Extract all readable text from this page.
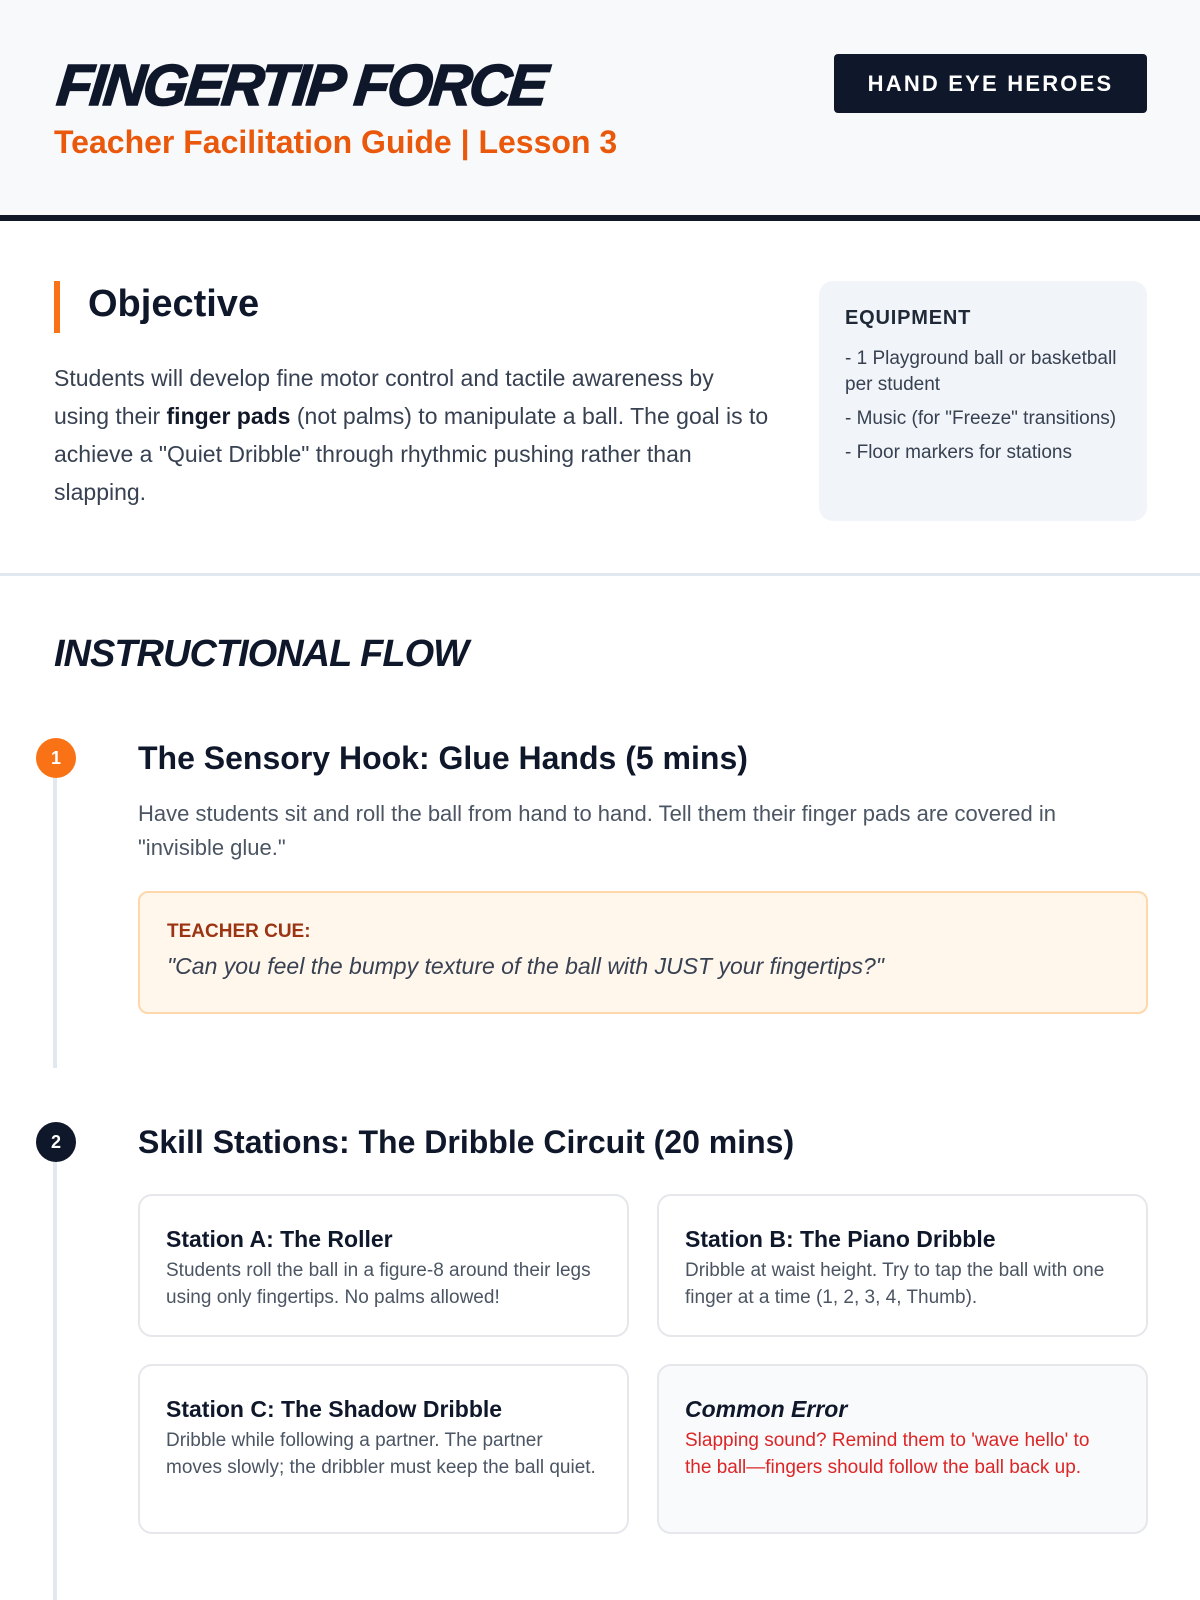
FINGERTIP FORCE
Teacher Facilitation Guide | Lesson 3
HAND EYE HEROES
Objective

Students will develop fine motor control and tactile awareness by using their finger pads (not palms) to manipulate a ball. The goal is to achieve a "Quiet Dribble" through rhythmic pushing rather than slapping.

EQUIPMENT
- 1 Playground ball or basketball per student
- Music (for "Freeze" transitions)
- Floor markers for stations
INSTRUCTIONAL FLOW
1	The Sensory Hook: Glue Hands (5 mins)
Have students sit and roll the ball from hand to hand. Tell them their finger pads are covered in "invisible glue."
TEACHER CUE:
"Can you feel the bumpy texture of the ball with JUST your fingertips?"
2	Skill Stations: The Dribble Circuit (20 mins)
Station A: The Roller
Students roll the ball in a figure-8 around their legs using only fingertips. No palms allowed!
Station B: The Piano Dribble
Dribble at waist height. Try to tap the ball with one finger at a time (1, 2, 3, 4, Thumb).
Station C: The Shadow Dribble
Dribble while following a partner. The partner moves slowly; the dribbler must keep the ball quiet.
Common Error
Slapping sound? Remind them to 'wave hello' to the ball—fingers should follow the ball back up.
